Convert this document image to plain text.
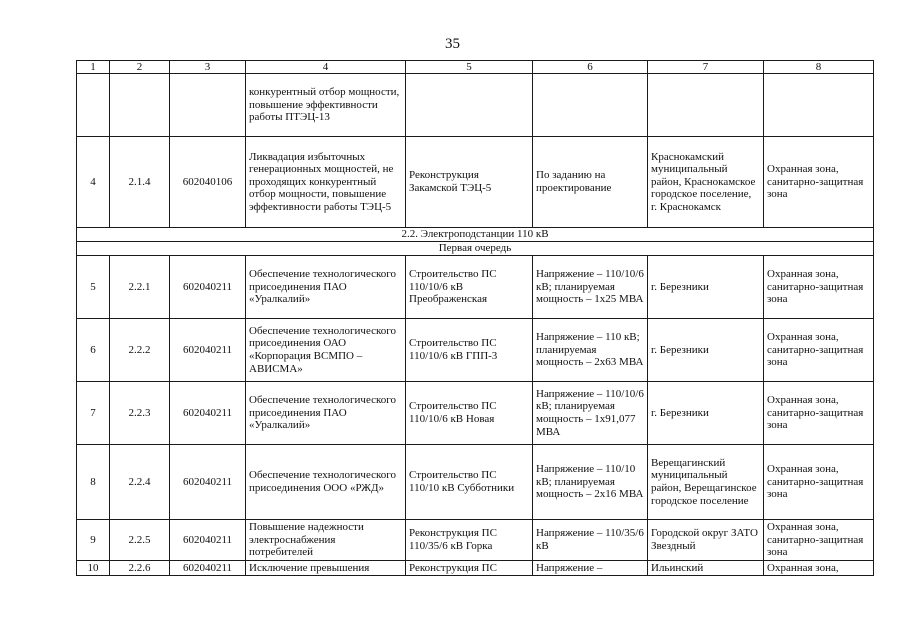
35
1	2	3	4	5	6	7	8
			конкурентный отбор мощности, повышение эффективности работы ПТЭЦ-13				
4	2.1.4	602040106	Ликвадация избыточных генерационных мощностей, не проходящих конкурентный отбор мощности, повышение эффективности работы ТЭЦ-5	Реконструкция Закамской ТЭЦ-5	По заданию на проектирование	Краснокамский муниципальный район, Краснокамское городское поселение, г. Краснокамск	Охранная зона, санитарно-защитная зона
2.2. Электроподстанции 110 кВ							
Первая очередь							
5	2.2.1	602040211	Обеспечение технологического присоединения ПАО «Уралкалий»	Строительство ПС 110/10/6 кВ Преображенская	Напряжение – 110/10/6 кВ; планируемая мощность – 1х25 МВА	г. Березники	Охранная зона, санитарно-защитная зона
6	2.2.2	602040211	Обеспечение технологического присоединения ОАО «Корпорация ВСМПО – АВИСМА»	Строительство ПС 110/10/6 кВ ГПП-3	Напряжение – 110 кВ; планируемая мощность – 2х63 МВА	г. Березники	Охранная зона, санитарно-защитная зона
7	2.2.3	602040211	Обеспечение технологического присоединения ПАО «Уралкалий»	Строительство ПС 110/10/6 кВ Новая	Напряжение – 110/10/6 кВ; планируемая мощность – 1х91,077 МВА	г. Березники	Охранная зона, санитарно-защитная зона
8	2.2.4	602040211	Обеспечение технологического присоединения ООО «РЖД»	Строительство ПС 110/10 кВ Субботники	Напряжение – 110/10 кВ; планируемая мощность – 2х16 МВА	Верещагинский муниципальный район, Верещагинское городское поселение	Охранная зона, санитарно-защитная зона
9	2.2.5	602040211	Повышение надежности электроснабжения потребителей	Реконструкция ПС 110/35/6 кВ Горка	Напряжение – 110/35/6 кВ	Городской округ ЗАТО Звездный	Охранная зона, санитарно-защитная зона
10	2.2.6	602040211	Исключение превышения	Реконструкция ПС	Напряжение –	Ильинский	Охранная зона,
